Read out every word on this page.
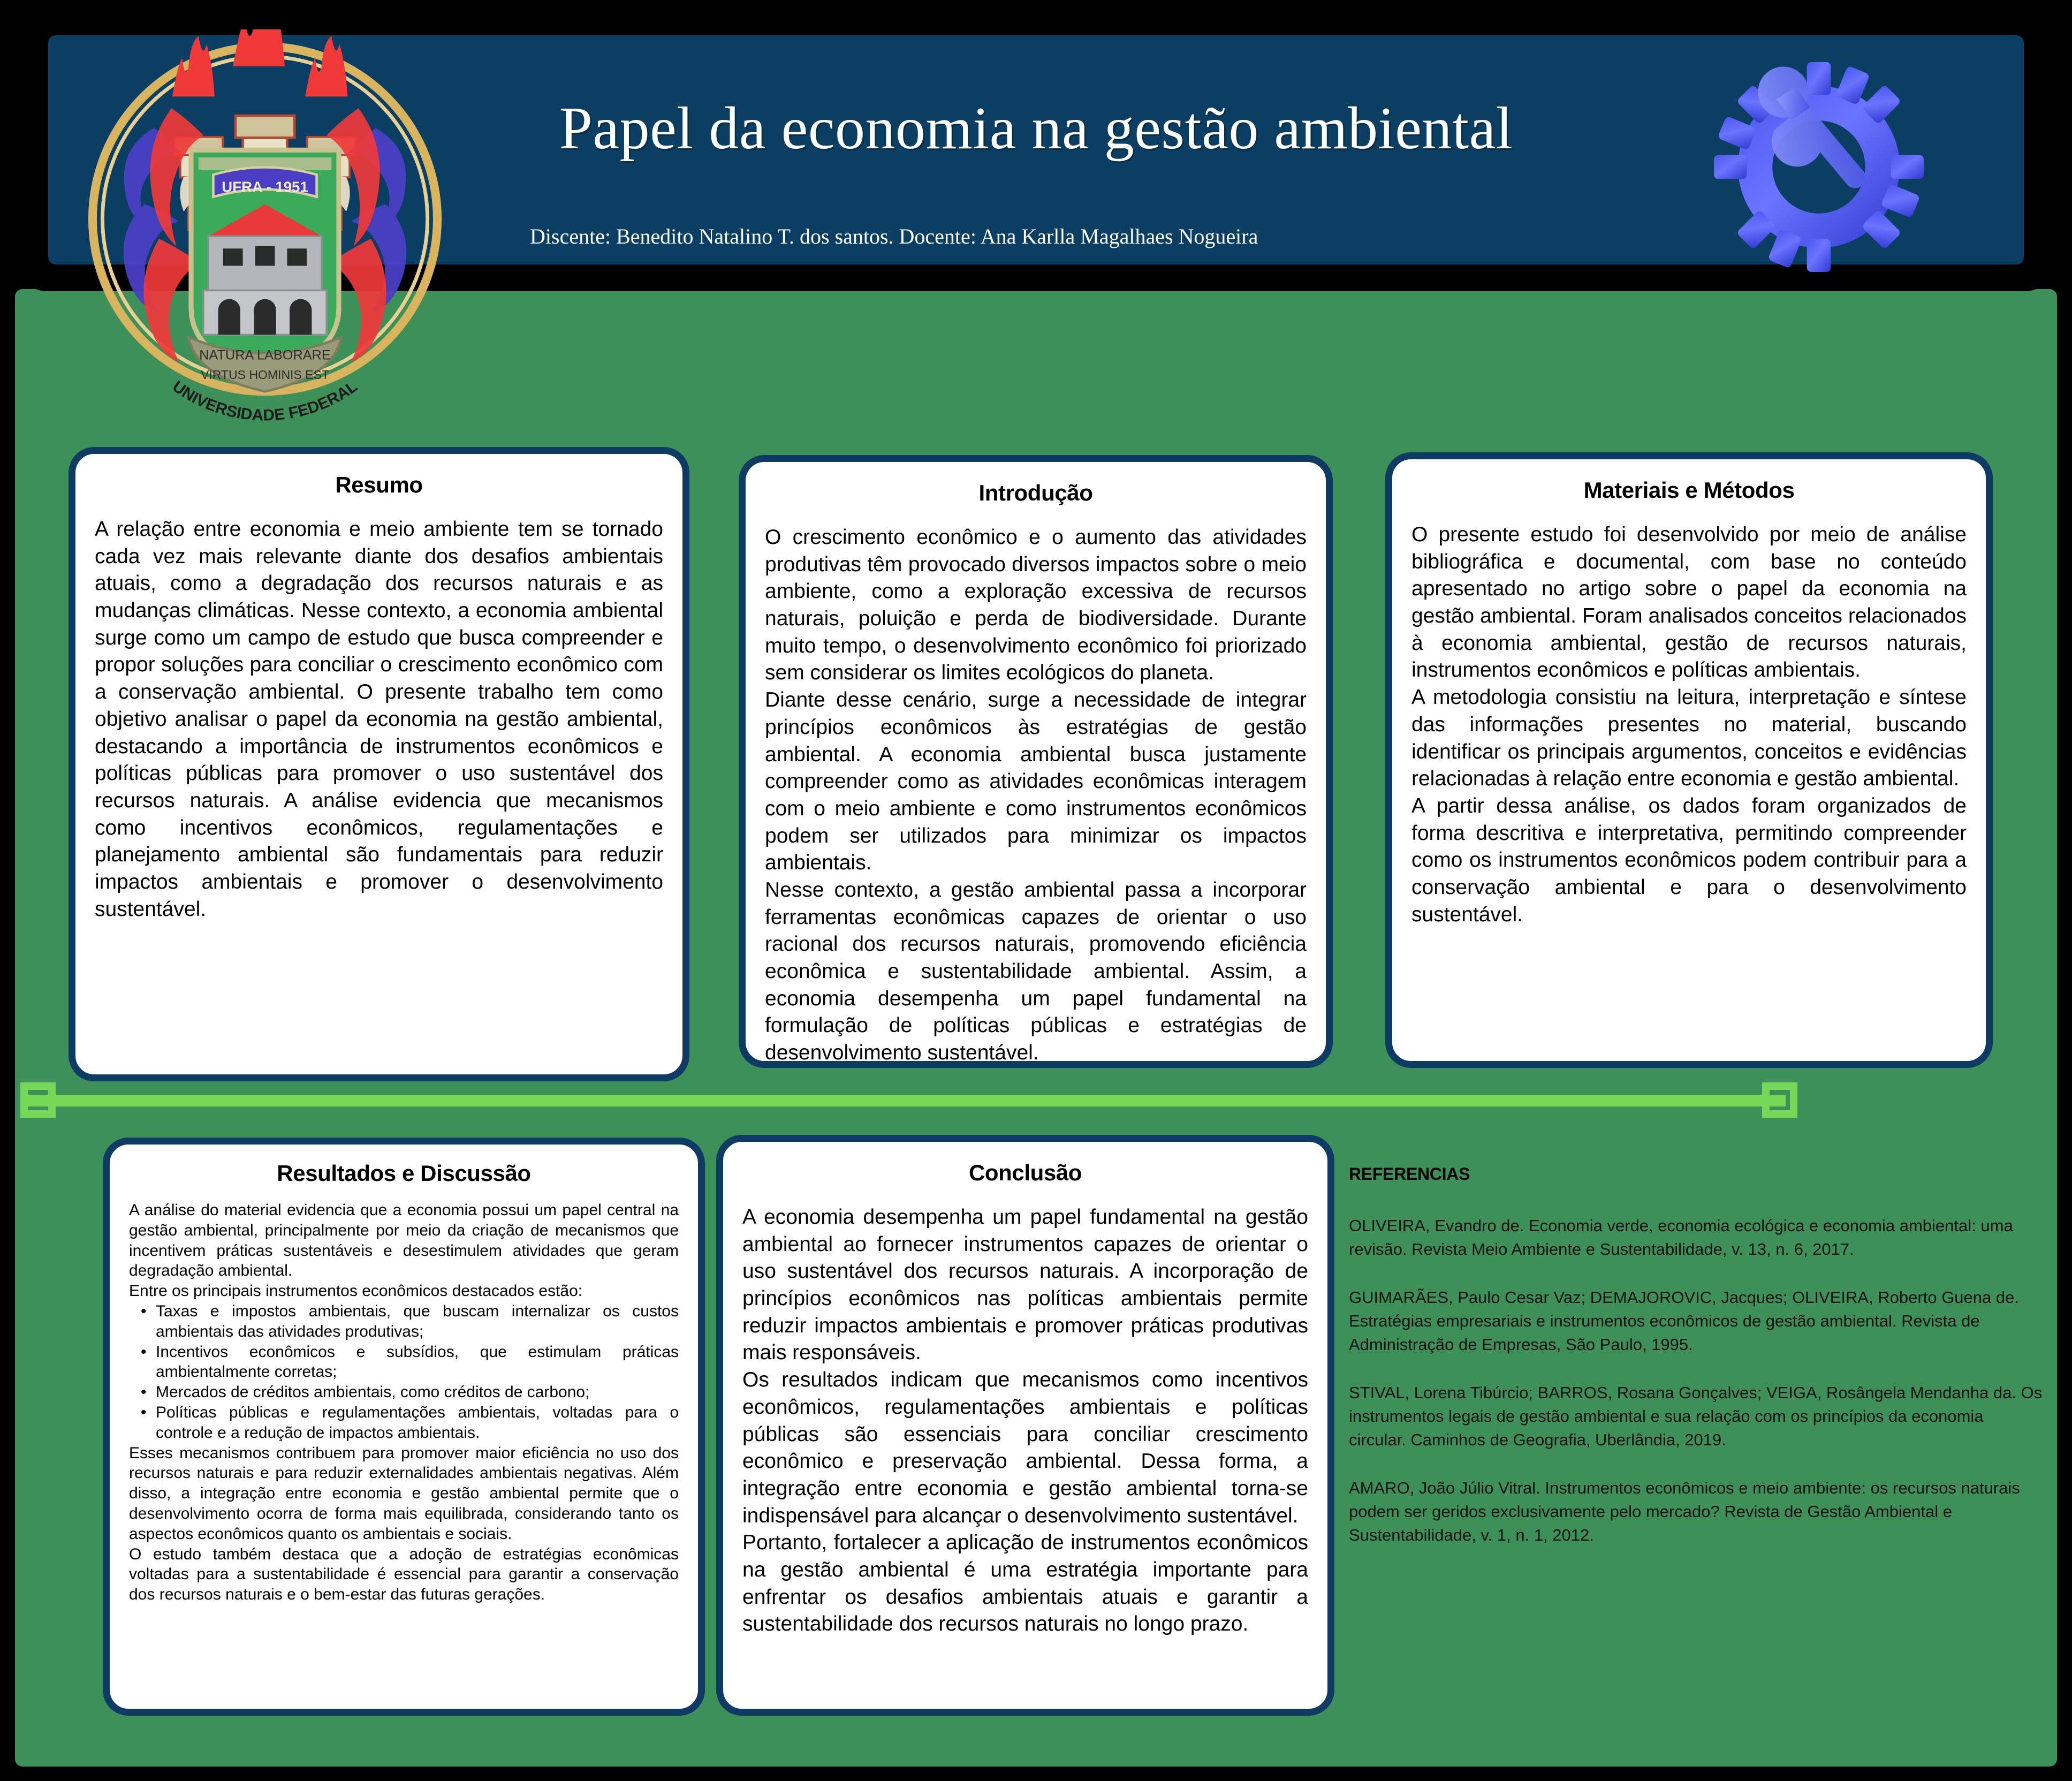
Papel da economia na gestão ambiental
Discente: Benedito Natalino T. dos santos. Docente: Ana Karlla Magalhaes Nogueira
UFRA - 1951
NATURA LABORARE
VIRTUS HOMINIS EST
UNIVERSIDADE FEDERAL
Resumo

A relação entre economia e meio ambiente tem se tornado cada vez mais relevante diante dos desafios ambientais atuais, como a degradação dos recursos naturais e as mudanças climáticas. Nesse contexto, a economia ambiental surge como um campo de estudo que busca compreender e propor soluções para conciliar o crescimento econômico com a conservação ambiental. O presente trabalho tem como objetivo analisar o papel da economia na gestão ambiental, destacando a importância de instrumentos econômicos e políticas públicas para promover o uso sustentável dos recursos naturais. A análise evidencia que mecanismos como incentivos econômicos, regulamentações e planejamento ambiental são fundamentais para reduzir impactos ambientais e promover o desenvolvimento sustentável.

Introdução

O crescimento econômico e o aumento das atividades produtivas têm provocado diversos impactos sobre o meio ambiente, como a exploração excessiva de recursos naturais, poluição e perda de biodiversidade. Durante muito tempo, o desenvolvimento econômico foi priorizado sem considerar os limites ecológicos do planeta.

Diante desse cenário, surge a necessidade de integrar princípios econômicos às estratégias de gestão ambiental. A economia ambiental busca justamente compreender como as atividades econômicas interagem com o meio ambiente e como instrumentos econômicos podem ser utilizados para minimizar os impactos ambientais.

Nesse contexto, a gestão ambiental passa a incorporar ferramentas econômicas capazes de orientar o uso racional dos recursos naturais, promovendo eficiência econômica e sustentabilidade ambiental. Assim, a economia desempenha um papel fundamental na formulação de políticas públicas e estratégias de desenvolvimento sustentável.

Materiais e Métodos

O presente estudo foi desenvolvido por meio de análise bibliográfica e documental, com base no conteúdo apresentado no artigo sobre o papel da economia na gestão ambiental. Foram analisados conceitos relacionados à economia ambiental, gestão de recursos naturais, instrumentos econômicos e políticas ambientais.

A metodologia consistiu na leitura, interpretação e síntese das informações presentes no material, buscando identificar os principais argumentos, conceitos e evidências relacionadas à relação entre economia e gestão ambiental.

A partir dessa análise, os dados foram organizados de forma descritiva e interpretativa, permitindo compreender como os instrumentos econômicos podem contribuir para a conservação ambiental e para o desenvolvimento sustentável.

Resultados e Discussão

A análise do material evidencia que a economia possui um papel central na gestão ambiental, principalmente por meio da criação de mecanismos que incentivem práticas sustentáveis e desestimulem atividades que geram degradação ambiental.

Entre os principais instrumentos econômicos destacados estão:

• Taxas e impostos ambientais, que buscam internalizar os custos ambientais das atividades produtivas;
• Incentivos econômicos e subsídios, que estimulam práticas ambientalmente corretas;
• Mercados de créditos ambientais, como créditos de carbono;
• Políticas públicas e regulamentações ambientais, voltadas para o controle e a redução de impactos ambientais.

Esses mecanismos contribuem para promover maior eficiência no uso dos recursos naturais e para reduzir externalidades ambientais negativas. Além disso, a integração entre economia e gestão ambiental permite que o desenvolvimento ocorra de forma mais equilibrada, considerando tanto os aspectos econômicos quanto os ambientais e sociais.

O estudo também destaca que a adoção de estratégias econômicas voltadas para a sustentabilidade é essencial para garantir a conservação dos recursos naturais e o bem-estar das futuras gerações.

Conclusão

A economia desempenha um papel fundamental na gestão ambiental ao fornecer instrumentos capazes de orientar o uso sustentável dos recursos naturais. A incorporação de princípios econômicos nas políticas ambientais permite reduzir impactos ambientais e promover práticas produtivas mais responsáveis.

Os resultados indicam que mecanismos como incentivos econômicos, regulamentações ambientais e políticas públicas são essenciais para conciliar crescimento econômico e preservação ambiental. Dessa forma, a integração entre economia e gestão ambiental torna-se indispensável para alcançar o desenvolvimento sustentável.

Portanto, fortalecer a aplicação de instrumentos econômicos na gestão ambiental é uma estratégia importante para enfrentar os desafios ambientais atuais e garantir a sustentabilidade dos recursos naturais no longo prazo.

REFERENCIAS
OLIVEIRA, Evandro de. Economia verde, economia ecológica e economia ambiental: uma revisão. Revista Meio Ambiente e Sustentabilidade, v. 13, n. 6, 2017.
GUIMARÃES, Paulo Cesar Vaz; DEMAJOROVIC, Jacques; OLIVEIRA, Roberto Guena de. Estratégias empresariais e instrumentos econômicos de gestão ambiental. Revista de Administração de Empresas, São Paulo, 1995.
STIVAL, Lorena Tibúrcio; BARROS, Rosana Gonçalves; VEIGA, Rosângela Mendanha da. Os instrumentos legais de gestão ambiental e sua relação com os princípios da economia circular. Caminhos de Geografia, Uberlândia, 2019.
AMARO, João Júlio Vitral. Instrumentos econômicos e meio ambiente: os recursos naturais podem ser geridos exclusivamente pelo mercado? Revista de Gestão Ambiental e Sustentabilidade, v. 1, n. 1, 2012.
